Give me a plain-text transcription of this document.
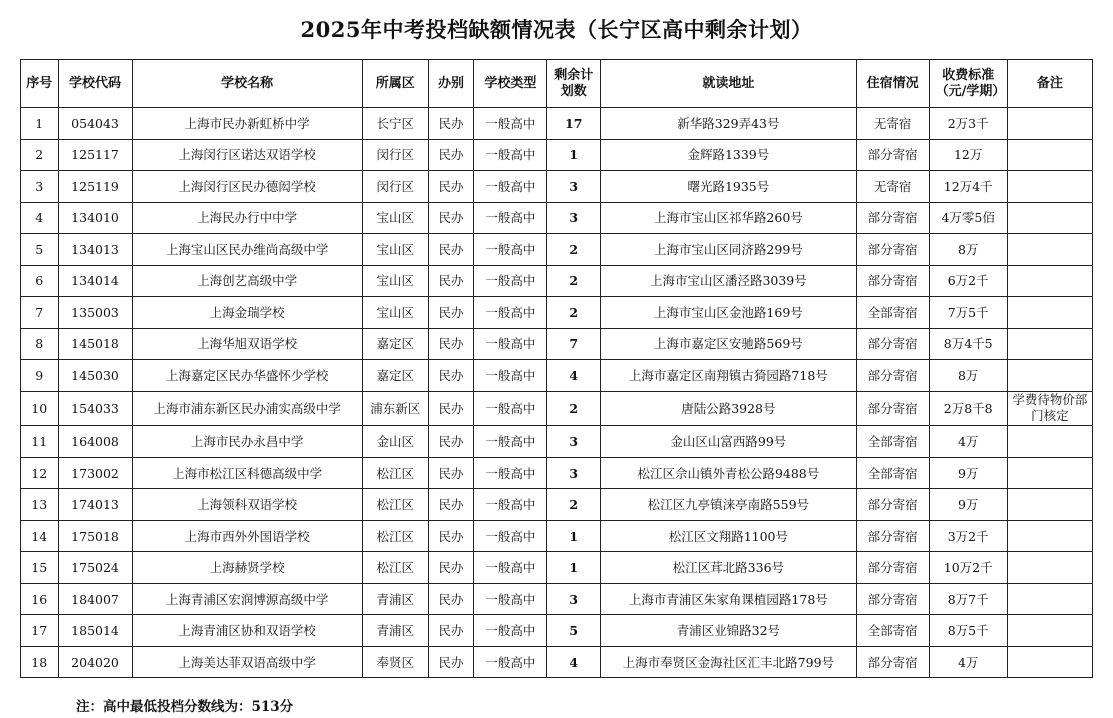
2025年中考投档缺额情况表（长宁区高中剩余计划）
序号	学校代码	学校名称	所属区	办别	学校类型	剩余计划数	就读地址	住宿情况	收费标准（元/学期）	备注
1	054043	上海市民办新虹桥中学	长宁区	民办	一般高中	17	新华路329弄43号	无寄宿	2万3千	
2	125117	上海闵行区诺达双语学校	闵行区	民办	一般高中	1	金辉路1339号	部分寄宿	12万	
3	125119	上海闵行区民办德闳学校	闵行区	民办	一般高中	3	曙光路1935号	无寄宿	12万4千	
4	134010	上海民办行中中学	宝山区	民办	一般高中	3	上海市宝山区祁华路260号	部分寄宿	4万零5佰	
5	134013	上海宝山区民办维尚高级中学	宝山区	民办	一般高中	2	上海市宝山区同济路299号	部分寄宿	8万	
6	134014	上海创艺高级中学	宝山区	民办	一般高中	2	上海市宝山区潘泾路3039号	部分寄宿	6万2千	
7	135003	上海金瑞学校	宝山区	民办	一般高中	2	上海市宝山区金池路169号	全部寄宿	7万5千	
8	145018	上海华旭双语学校	嘉定区	民办	一般高中	7	上海市嘉定区安驰路569号	部分寄宿	8万4千5	
9	145030	上海嘉定区民办华盛怀少学校	嘉定区	民办	一般高中	4	上海市嘉定区南翔镇古猗园路718号	部分寄宿	8万	
10	154033	上海市浦东新区民办浦实高级中学	浦东新区	民办	一般高中	2	唐陆公路3928号	部分寄宿	2万8千8	学费待物价部门核定
11	164008	上海市民办永昌中学	金山区	民办	一般高中	3	金山区山富西路99号	全部寄宿	4万	
12	173002	上海市松江区科德高级中学	松江区	民办	一般高中	3	松江区佘山镇外青松公路9488号	全部寄宿	9万	
13	174013	上海领科双语学校	松江区	民办	一般高中	2	松江区九亭镇涞亭南路559号	部分寄宿	9万	
14	175018	上海市西外外国语学校	松江区	民办	一般高中	1	松江区文翔路1100号	部分寄宿	3万2千	
15	175024	上海赫贤学校	松江区	民办	一般高中	1	松江区茸北路336号	部分寄宿	10万2千	
16	184007	上海青浦区宏润博源高级中学	青浦区	民办	一般高中	3	上海市青浦区朱家角课植园路178号	部分寄宿	8万7千	
17	185014	上海青浦区协和双语学校	青浦区	民办	一般高中	5	青浦区业锦路32号	全部寄宿	8万5千	
18	204020	上海美达菲双语高级中学	奉贤区	民办	一般高中	4	上海市奉贤区金海社区汇丰北路799号	部分寄宿	4万	
注：高中最低投档分数线为：513分
